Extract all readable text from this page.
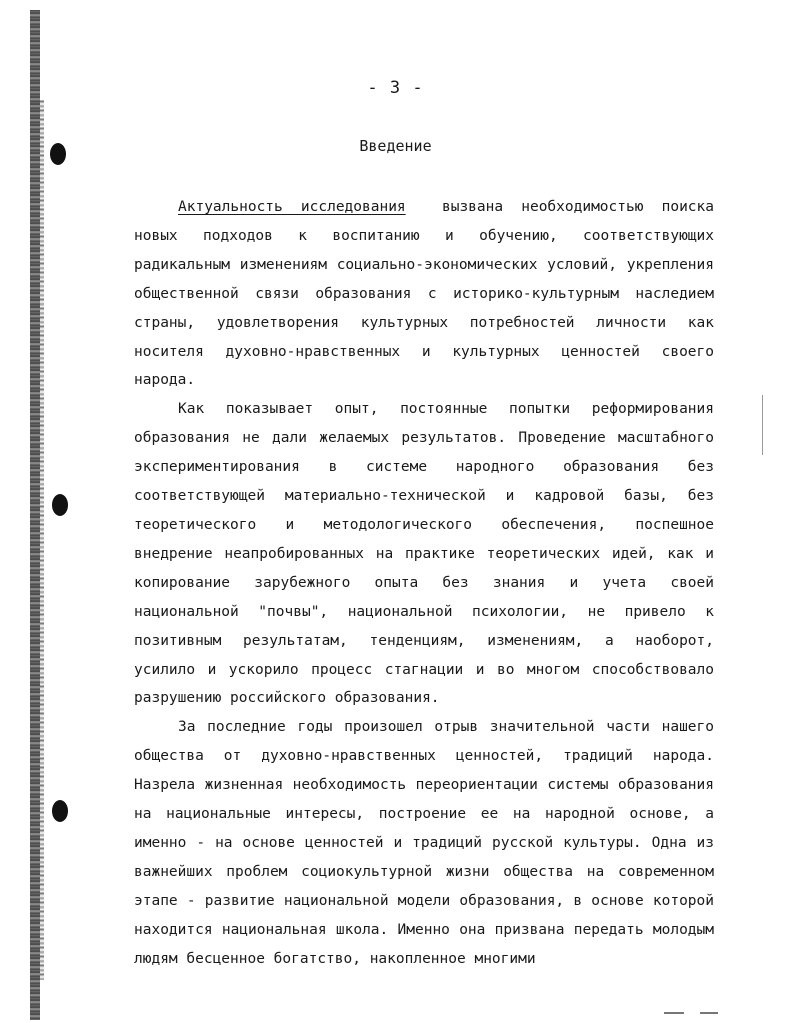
- 3 -
Введение

Актуальность исследования	вызвана необходимостью поиска новых подходов к воспитанию и обучению, соответствующих радикальным изменениям социально-экономических условий, укрепления общественной связи образования с историко-культурным наследием страны, удовлетворения культурных потребностей личности как носителя духовно-нравственных и культурных ценностей своего народа.

Как показывает опыт, постоянные попытки реформирования образования не дали желаемых результатов. Проведение масштабного экспериментирования в системе народного образования без соответствующей материально-технической и кадровой базы, без теоретического и методологического обеспечения, поспешное внедрение неапробированных на практике теоретических идей, как и копирование зарубежного опыта без знания и учета своей национальной "почвы", национальной психологии, не привело к позитивным результатам, тенденциям, изменениям, а наоборот, усилило и ускорило процесс стагнации и во многом способствовало разрушению российского образования.

За последние годы произошел отрыв значительной части нашего общества от духовно-нравственных ценностей, традиций народа. Назрела жизненная необходимость переориентации системы образования на национальные интересы, построение ее на народной основе, а именно - на основе ценностей и традиций русской культуры. Одна из важнейших проблем социокультурной жизни общества на современном этапе - развитие национальной модели образования, в основе которой находится национальная школа. Именно она призвана передать молодым людям бесценное богатство, накопленное многими
